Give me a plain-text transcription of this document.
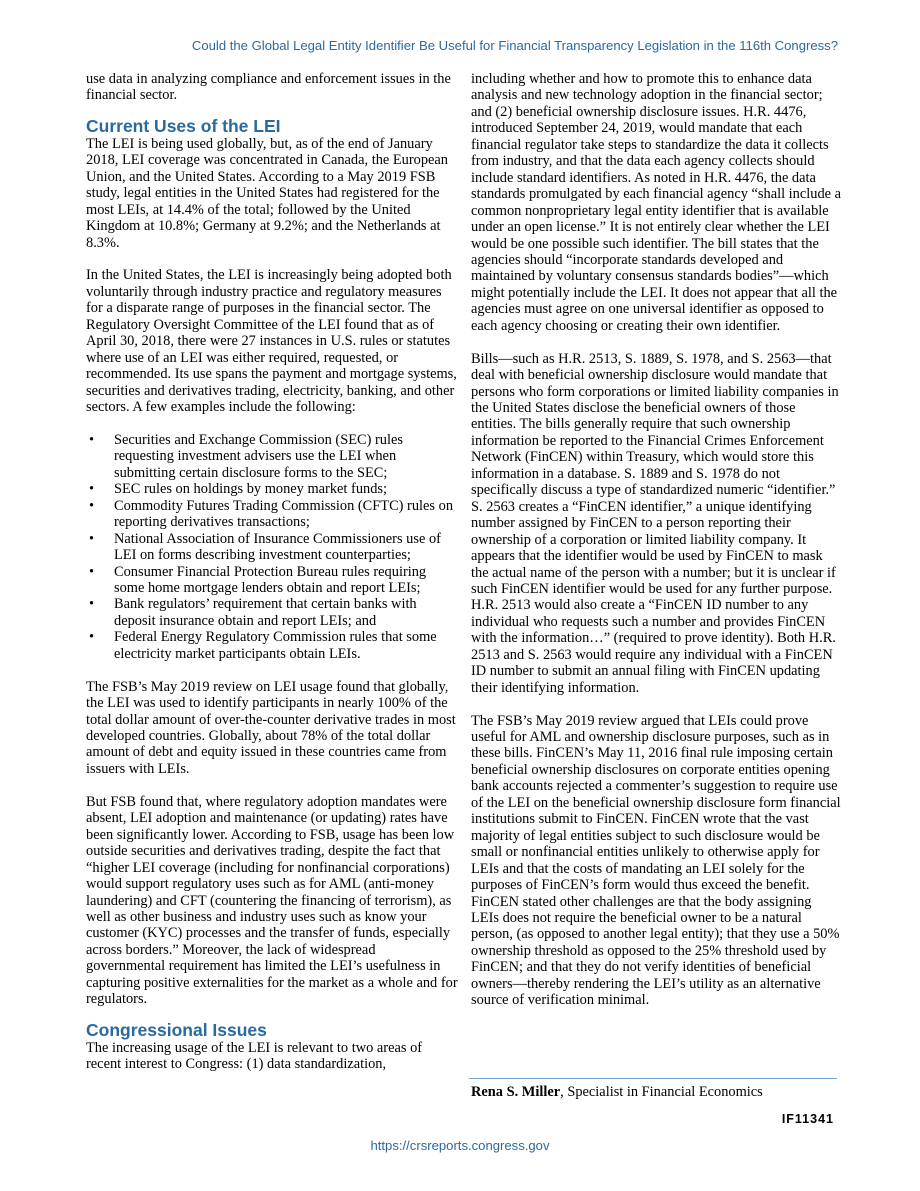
Could the Global Legal Entity Identifier Be Useful for Financial Transparency Legislation in the 116th Congress?

use data in analyzing compliance and enforcement issues in the financial sector.

Current Uses of the LEI

The LEI is being used globally, but, as of the end of January 2018, LEI coverage was concentrated in Canada, the European Union, and the United States. According to a May 2019 FSB study, legal entities in the United States had registered for the most LEIs, at 14.4% of the total; followed by the United Kingdom at 10.8%; Germany at 9.2%; and the Netherlands at 8.3%.

In the United States, the LEI is increasingly being adopted both voluntarily through industry practice and regulatory measures for a disparate range of purposes in the financial sector. The Regulatory Oversight Committee of the LEI found that as of April 30, 2018, there were 27 instances in U.S. rules or statutes where use of an LEI was either required, requested, or recommended. Its use spans the payment and mortgage systems, securities and derivatives trading, electricity, banking, and other sectors. A few examples include the following:

• Securities and Exchange Commission (SEC) rules requesting investment advisers use the LEI when submitting certain disclosure forms to the SEC;
• SEC rules on holdings by money market funds;
• Commodity Futures Trading Commission (CFTC) rules on reporting derivatives transactions;
• National Association of Insurance Commissioners use of LEI on forms describing investment counterparties;
• Consumer Financial Protection Bureau rules requiring some home mortgage lenders obtain and report LEIs;
• Bank regulators’ requirement that certain banks with deposit insurance obtain and report LEIs; and
• Federal Energy Regulatory Commission rules that some electricity market participants obtain LEIs.

The FSB’s May 2019 review on LEI usage found that globally, the LEI was used to identify participants in nearly 100% of the total dollar amount of over-the-counter derivative trades in most developed countries. Globally, about 78% of the total dollar amount of debt and equity issued in these countries came from issuers with LEIs.

But FSB found that, where regulatory adoption mandates were absent, LEI adoption and maintenance (or updating) rates have been significantly lower. According to FSB, usage has been low outside securities and derivatives trading, despite the fact that “higher LEI coverage (including for nonfinancial corporations) would support regulatory uses such as for AML (anti-money laundering) and CFT (countering the financing of terrorism), as well as other business and industry uses such as know your customer (KYC) processes and the transfer of funds, especially across borders.” Moreover, the lack of widespread governmental requirement has limited the LEI’s usefulness in capturing positive externalities for the market as a whole and for regulators.

Congressional Issues

The increasing usage of the LEI is relevant to two areas of recent interest to Congress: (1) data standardization,

including whether and how to promote this to enhance data analysis and new technology adoption in the financial sector; and (2) beneficial ownership disclosure issues. H.R. 4476, introduced September 24, 2019, would mandate that each financial regulator take steps to standardize the data it collects from industry, and that the data each agency collects should include standard identifiers. As noted in H.R. 4476, the data standards promulgated by each financial agency “shall include a common nonproprietary legal entity identifier that is available under an open license.” It is not entirely clear whether the LEI would be one possible such identifier. The bill states that the agencies should “incorporate standards developed and maintained by voluntary consensus standards bodies”—which might potentially include the LEI. It does not appear that all the agencies must agree on one universal identifier as opposed to each agency choosing or creating their own identifier.

Bills—such as H.R. 2513, S. 1889, S. 1978, and S. 2563—that deal with beneficial ownership disclosure would mandate that persons who form corporations or limited liability companies in the United States disclose the beneficial owners of those entities. The bills generally require that such ownership information be reported to the Financial Crimes Enforcement Network (FinCEN) within Treasury, which would store this information in a database. S. 1889 and S. 1978 do not specifically discuss a type of standardized numeric “identifier.” S. 2563 creates a “FinCEN identifier,” a unique identifying number assigned by FinCEN to a person reporting their ownership of a corporation or limited liability company. It appears that the identifier would be used by FinCEN to mask the actual name of the person with a number; but it is unclear if such FinCEN identifier would be used for any further purpose. H.R. 2513 would also create a “FinCEN ID number to any individual who requests such a number and provides FinCEN with the information…” (required to prove identity). Both H.R. 2513 and S. 2563 would require any individual with a FinCEN ID number to submit an annual filing with FinCEN updating their identifying information.

The FSB’s May 2019 review argued that LEIs could prove useful for AML and ownership disclosure purposes, such as in these bills. FinCEN’s May 11, 2016 final rule imposing certain beneficial ownership disclosures on corporate entities opening bank accounts rejected a commenter’s suggestion to require use of the LEI on the beneficial ownership disclosure form financial institutions submit to FinCEN. FinCEN wrote that the vast majority of legal entities subject to such disclosure would be small or nonfinancial entities unlikely to otherwise apply for LEIs and that the costs of mandating an LEI solely for the purposes of FinCEN’s form would thus exceed the benefit. FinCEN stated other challenges are that the body assigning LEIs does not require the beneficial owner to be a natural person, (as opposed to another legal entity); that they use a 50% ownership threshold as opposed to the 25% threshold used by FinCEN; and that they do not verify identities of beneficial owners—thereby rendering the LEI’s utility as an alternative source of verification minimal.

Rena S. Miller, Specialist in Financial Economics
IF11341
https://crsreports.congress.gov
